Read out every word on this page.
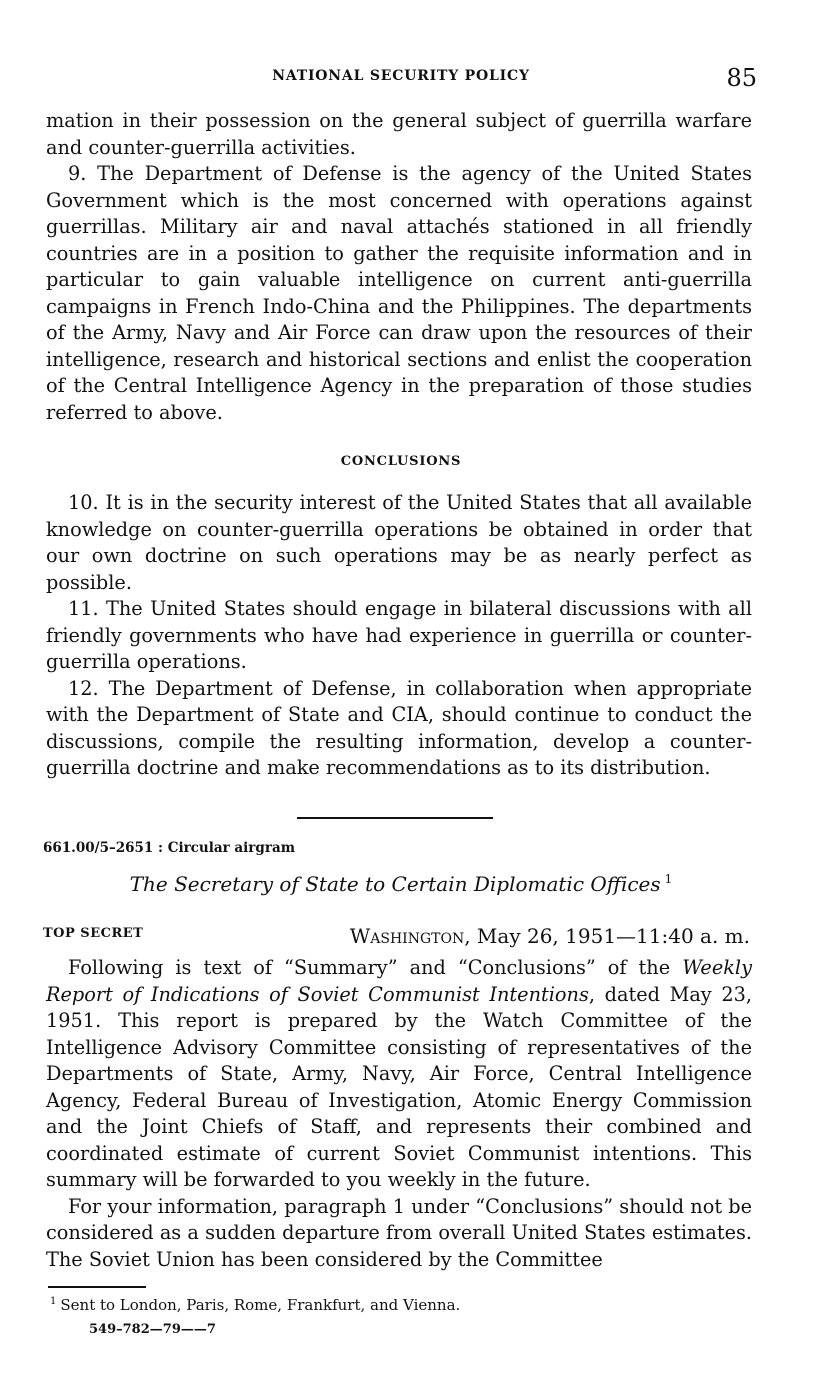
NATIONAL SECURITY POLICY	85

mation in their possession on the general subject of guerrilla warfare and counter-guerrilla activities.

9. The Department of Defense is the agency of the United States Government which is the most concerned with operations against guerrillas. Military air and naval attachés stationed in all friendly countries are in a position to gather the requisite information and in particular to gain valuable intelligence on current anti-guerrilla campaigns in French Indo-China and the Philippines. The departments of the Army, Navy and Air Force can draw upon the resources of their intelligence, research and historical sections and enlist the cooperation of the Central Intelligence Agency in the preparation of those studies referred to above.

CONCLUSIONS

10. It is in the security interest of the United States that all available knowledge on counter-guerrilla operations be obtained in order that our own doctrine on such operations may be as nearly perfect as possible.

11. The United States should engage in bilateral discussions with all friendly governments who have had experience in guerrilla or counter-guerrilla operations.

12. The Department of Defense, in collaboration when appropriate with the Department of State and CIA, should continue to conduct the discussions, compile the resulting information, develop a counter-guerrilla doctrine and make recommendations as to its distribution.

661.00/5–2651 : Circular airgram
The Secretary of State to Certain Diplomatic Offices $^1$
TOP SECRET	Washington, May 26, 1951—11:40 a. m.

Following is text of “Summary” and “Conclusions” of the Weekly Report of Indications of Soviet Communist Intentions, dated May 23, 1951. This report is prepared by the Watch Committee of the Intelligence Advisory Committee consisting of representatives of the Departments of State, Army, Navy, Air Force, Central Intelligence Agency, Federal Bureau of Investigation, Atomic Energy Commission and the Joint Chiefs of Staff, and represents their combined and coordinated estimate of current Soviet Communist intentions. This summary will be forwarded to you weekly in the future.

For your information, paragraph 1 under “Conclusions” should not be considered as a sudden departure from overall United States estimates. The Soviet Union has been considered by the Committee

$^1$ Sent to London, Paris, Rome, Frankfurt, and Vienna.
549–782—79——7
